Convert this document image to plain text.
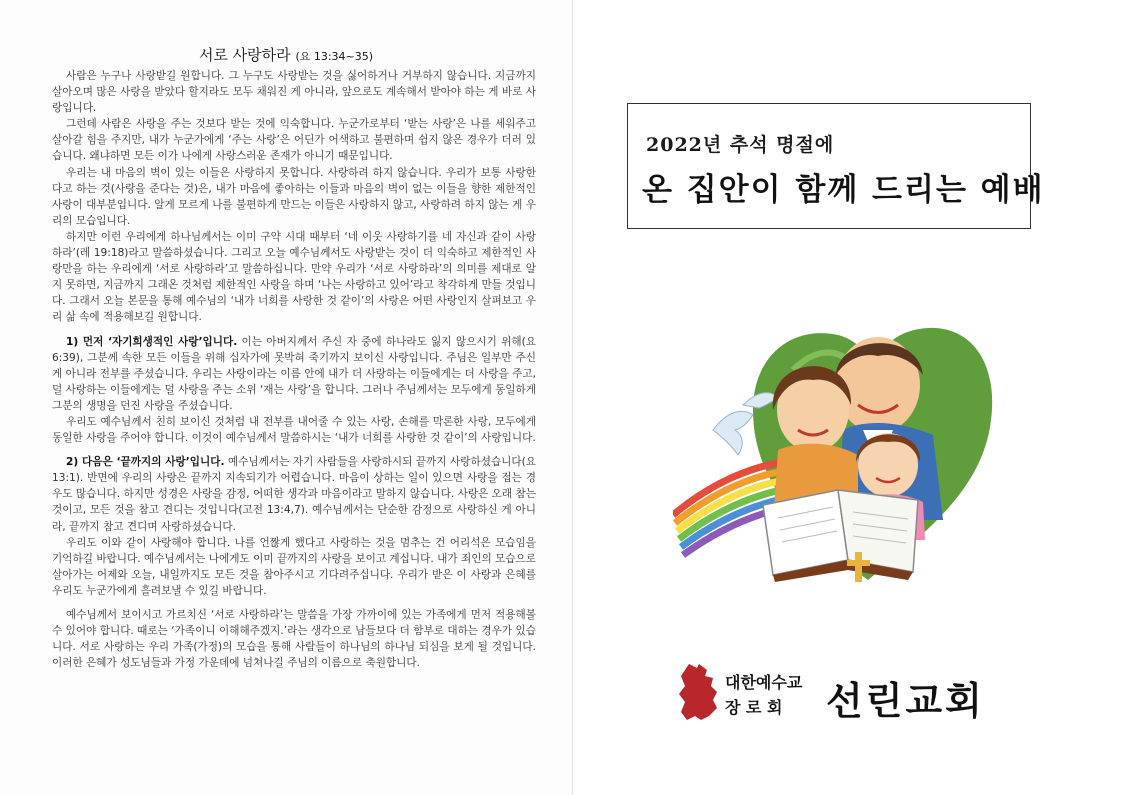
서로 사랑하라 (요 13:34~35)

사람은 누구나 사랑받길 원합니다. 그 누구도 사랑받는 것을 싫어하거나 거부하지 않습니다. 지금까지 살아오며 많은 사랑을 받았다 할지라도 모두 채워진 게 아니라, 앞으로도 계속해서 받아야 하는 게 바로 사랑입니다.

그런데 사람은 사랑을 주는 것보다 받는 것에 익숙합니다. 누군가로부터 ‘받는 사랑’은 나를 세워주고 살아갈 힘을 주지만, 내가 누군가에게 ‘주는 사랑’은 어딘가 어색하고 불편하며 쉽지 않은 경우가 더러 있습니다. 왜냐하면 모든 이가 나에게 사랑스러운 존재가 아니기 때문입니다.

우리는 내 마음의 벽이 있는 이들은 사랑하지 못합니다. 사랑하려 하지 않습니다. 우리가 보통 사랑한다고 하는 것(사랑을 준다는 것)은, 내가 마음에 좋아하는 이들과 마음의 벽이 없는 이들을 향한 제한적인 사랑이 대부분입니다. 알게 모르게 나를 불편하게 만드는 이들은 사랑하지 않고, 사랑하려 하지 않는 게 우리의 모습입니다.

하지만 이런 우리에게 하나님께서는 이미 구약 시대 때부터 ‘네 이웃 사랑하기를 네 자신과 같이 사랑하라’(레 19:18)라고 말씀하셨습니다. 그리고 오늘 예수님께서도 사랑받는 것이 더 익숙하고 제한적인 사랑만을 하는 우리에게 ‘서로 사랑하라’고 말씀하십니다. 만약 우리가 ‘서로 사랑하라’의 의미를 제대로 알지 못하면, 지금까지 그래온 것처럼 제한적인 사랑을 하며 ‘나는 사랑하고 있어’라고 착각하게 만들 것입니다. 그래서 오늘 본문을 통해 예수님의 ‘내가 너희를 사랑한 것 같이’의 사랑은 어떤 사랑인지 살펴보고 우리 삶 속에 적용해보길 원합니다.

1) 먼저 ‘자기희생적인 사랑’입니다. 이는 아버지께서 주신 자 중에 하나라도 잃지 않으시기 위해(요 6:39), 그분께 속한 모든 이들을 위해 십자가에 못박혀 죽기까지 보이신 사랑입니다. 주님은 일부만 주신 게 아니라 전부를 주셨습니다. 우리는 사랑이라는 이름 안에 내가 더 사랑하는 이들에게는 더 사랑을 주고, 덜 사랑하는 이들에게는 덜 사랑을 주는 소위 ‘재는 사랑’을 합니다. 그러나 주님께서는 모두에게 동일하게 그분의 생명을 던진 사랑을 주셨습니다.

우리도 예수님께서 친히 보이신 것처럼 내 전부를 내어줄 수 있는 사랑, 손해를 막론한 사랑, 모두에게 동일한 사랑을 주어야 합니다. 이것이 예수님께서 말씀하시는 ‘내가 너희를 사랑한 것 같이’의 사랑입니다.

2) 다음은 ‘끝까지의 사랑’입니다. 예수님께서는 자기 사람들을 사랑하시되 끝까지 사랑하셨습니다(요 13:1). 반면에 우리의 사랑은 끝까지 지속되기가 어렵습니다. 마음이 상하는 일이 있으면 사랑을 접는 경우도 많습니다. 하지만 성경은 사랑을 감정, 어떠한 생각과 마음이라고 말하지 않습니다. 사랑은 오래 참는 것이고, 모든 것을 참고 견디는 것입니다(고전 13:4,7). 예수님께서는 단순한 감정으로 사랑하신 게 아니라, 끝까지 참고 견디며 사랑하셨습니다.

우리도 이와 같이 사랑해야 합니다. 나를 언짢게 했다고 사랑하는 것을 멈추는 건 어리석은 모습임을 기억하길 바랍니다. 예수님께서는 나에게도 이미 끝까지의 사랑을 보이고 계십니다. 내가 죄인의 모습으로 살아가는 어제와 오늘, 내일까지도 모든 것을 참아주시고 기다려주십니다. 우리가 받은 이 사랑과 은혜를 우리도 누군가에게 흘려보낼 수 있길 바랍니다.

예수님께서 보이시고 가르치신 ‘서로 사랑하라’는 말씀을 가장 가까이에 있는 가족에게 먼저 적용해볼 수 있어야 합니다. 때로는 ‘가족이니 이해해주겠지.’라는 생각으로 남들보다 더 함부로 대하는 경우가 있습니다. 서로 사랑하는 우리 가족(가정)의 모습을 통해 사람들이 하나님의 하나님 되심을 보게 될 것입니다. 이러한 은혜가 성도님들과 가정 가운데에 넘쳐나길 주님의 이름으로 축원합니다.

2022년 추석 명절에
온 집안이 함께 드리는 예배
대한예수교
장 로 회	선린교회
